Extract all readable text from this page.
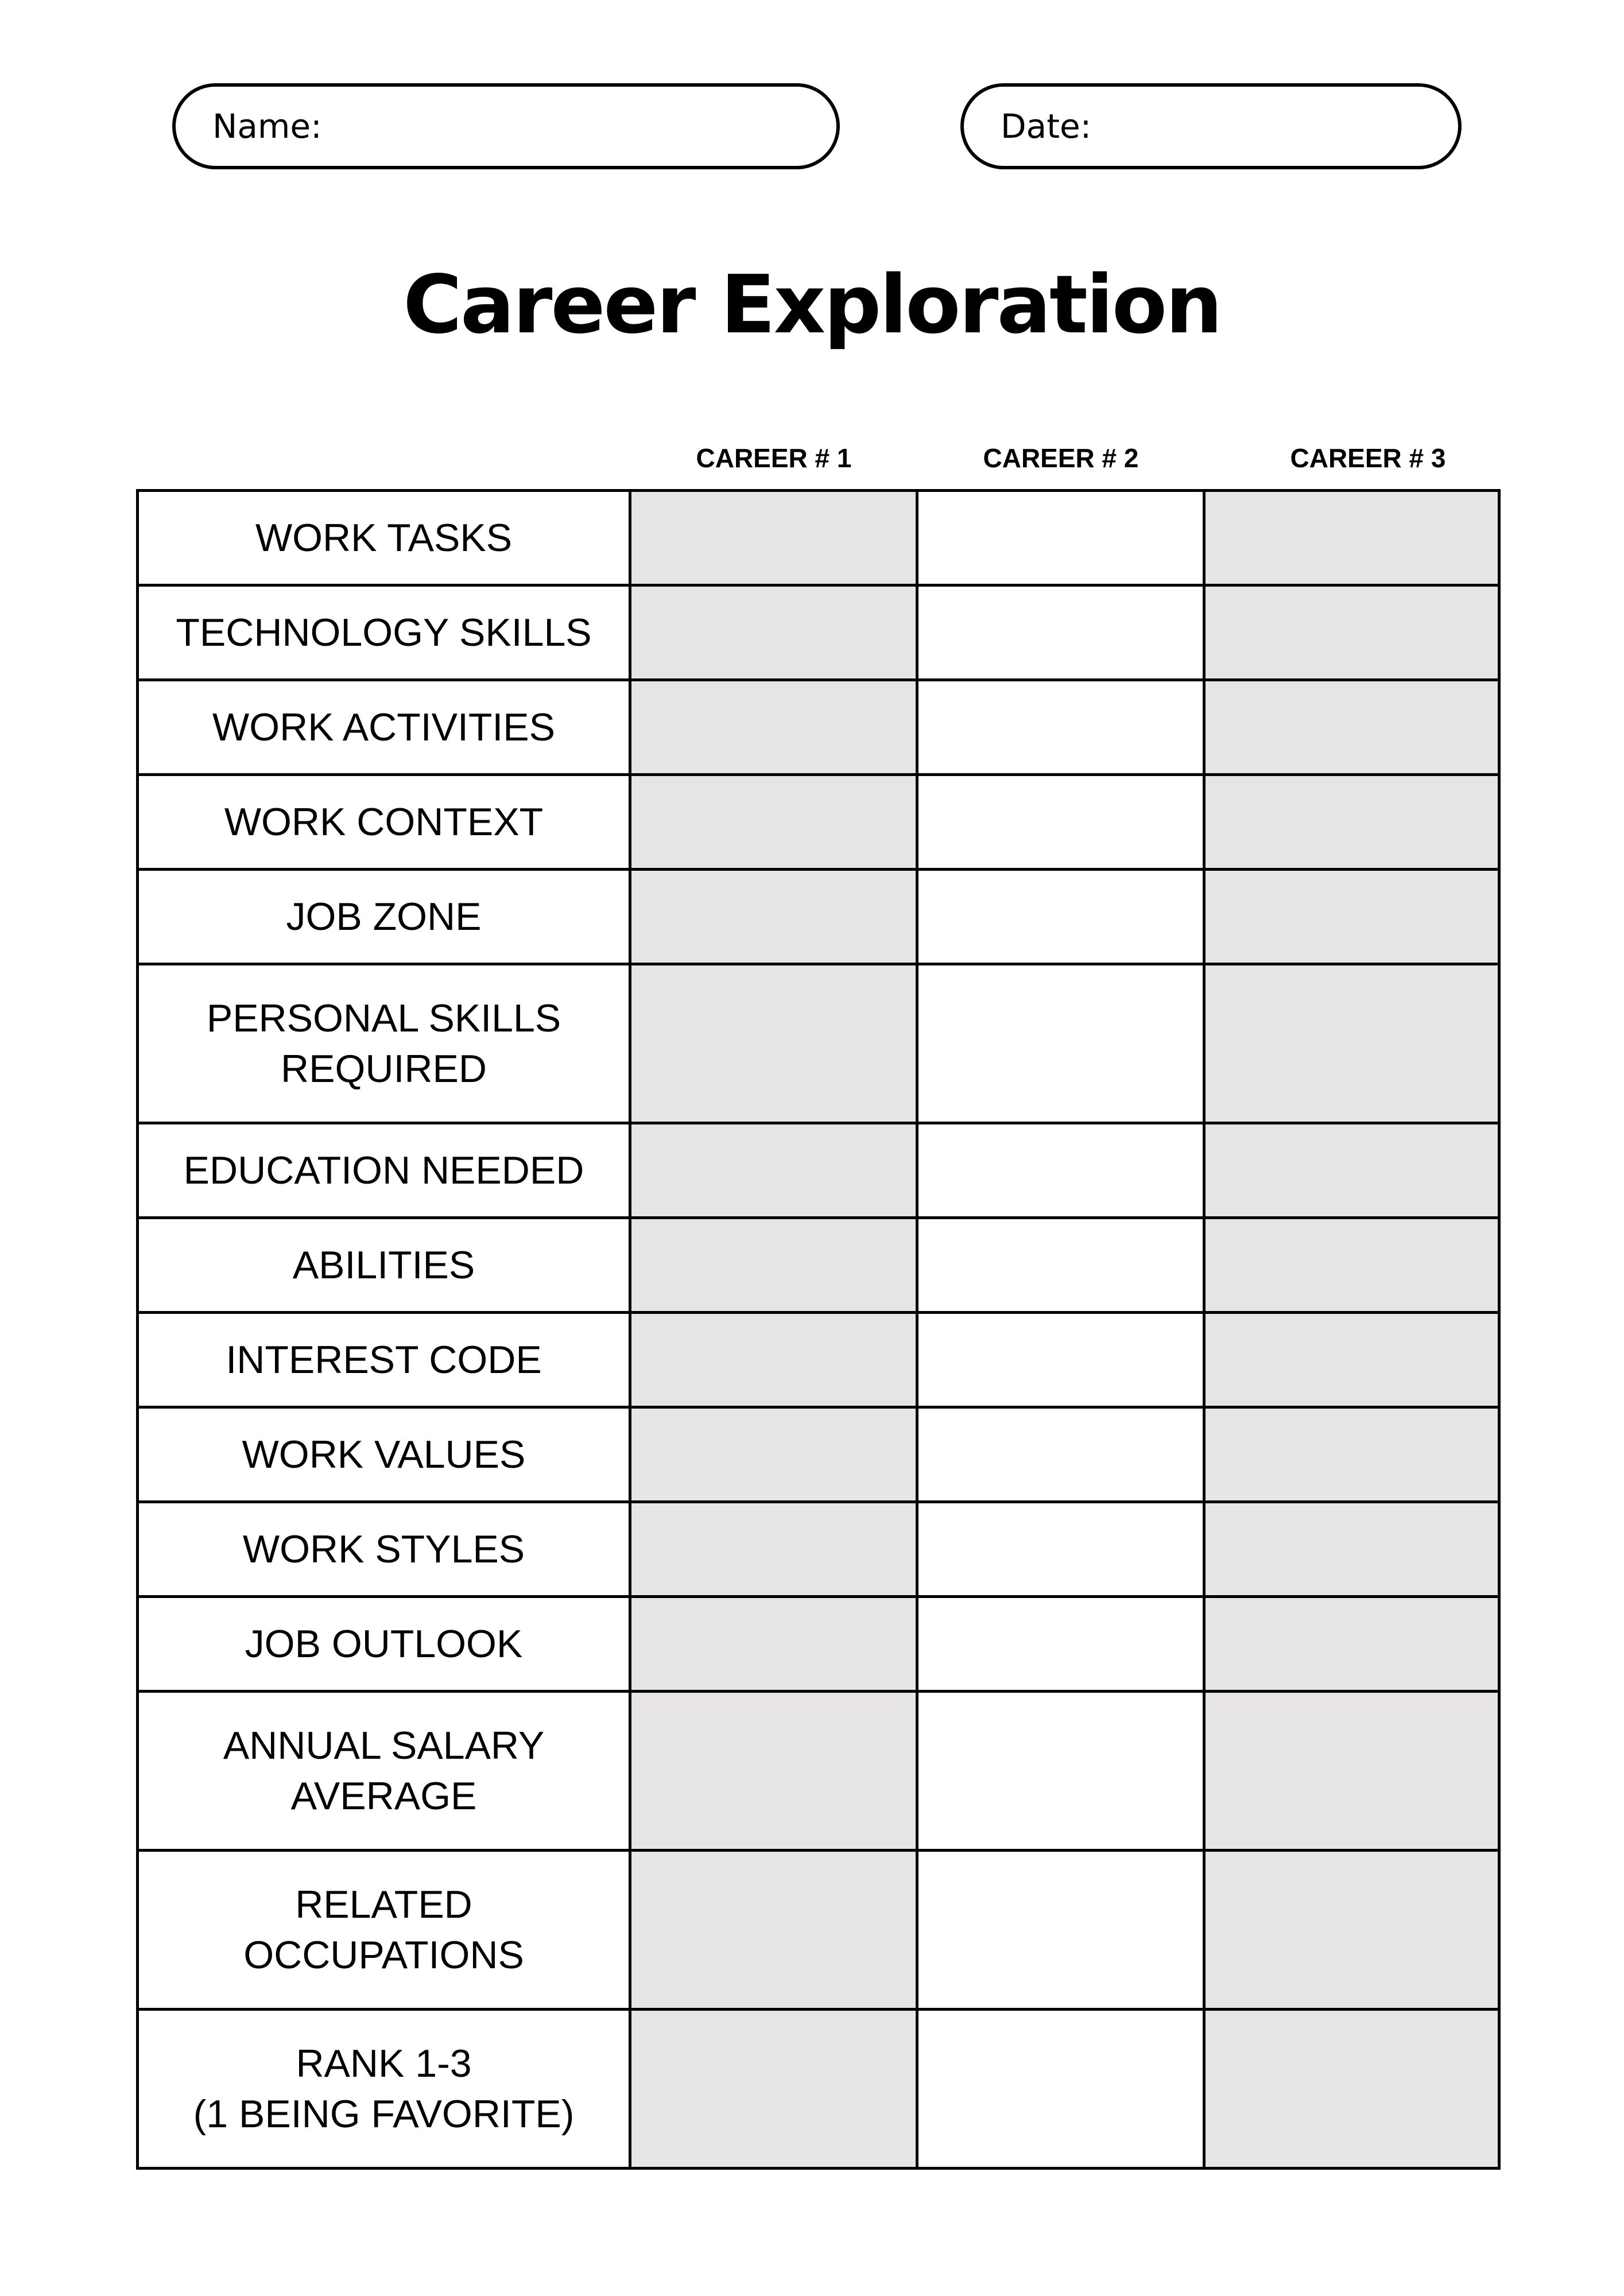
Name:	Date:
Career Exploration
CAREER # 1	CAREER # 2	CAREER # 3
WORK TASKS			
TECHNOLOGY SKILLS			
WORK ACTIVITIES			
WORK CONTEXT			
JOB ZONE			
PERSONAL SKILLS
REQUIRED			
EDUCATION NEEDED			
ABILITIES			
INTEREST CODE			
WORK VALUES			
WORK STYLES			
JOB OUTLOOK			
ANNUAL SALARY
AVERAGE			
RELATED
OCCUPATIONS			
RANK 1-3
(1 BEING FAVORITE)			
